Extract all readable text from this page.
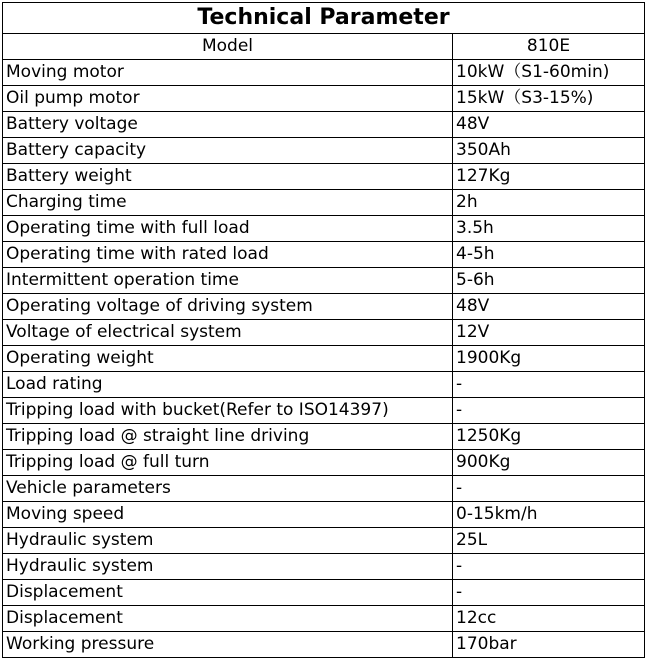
Technical Parameter	
Model	810E
Moving motor	10kW（S1-60min)
Oil pump motor	15kW（S3-15%)
Battery voltage	48V
Battery capacity	350Ah
Battery weight	127Kg
Charging time	2h
Operating time with full load	3.5h
Operating time with rated load	4-5h
Intermittent operation time	5-6h
Operating voltage of driving system	48V
Voltage of electrical system	12V
Operating weight	1900Kg
Load rating	-
Tripping load with bucket(Refer to ISO14397)	-
Tripping load @ straight line driving	1250Kg
Tripping load @ full turn	900Kg
Vehicle parameters	-
Moving speed	0-15km/h
Hydraulic system	25L
Hydraulic system	-
Displacement	-
Displacement	12cc
Working pressure	170bar
